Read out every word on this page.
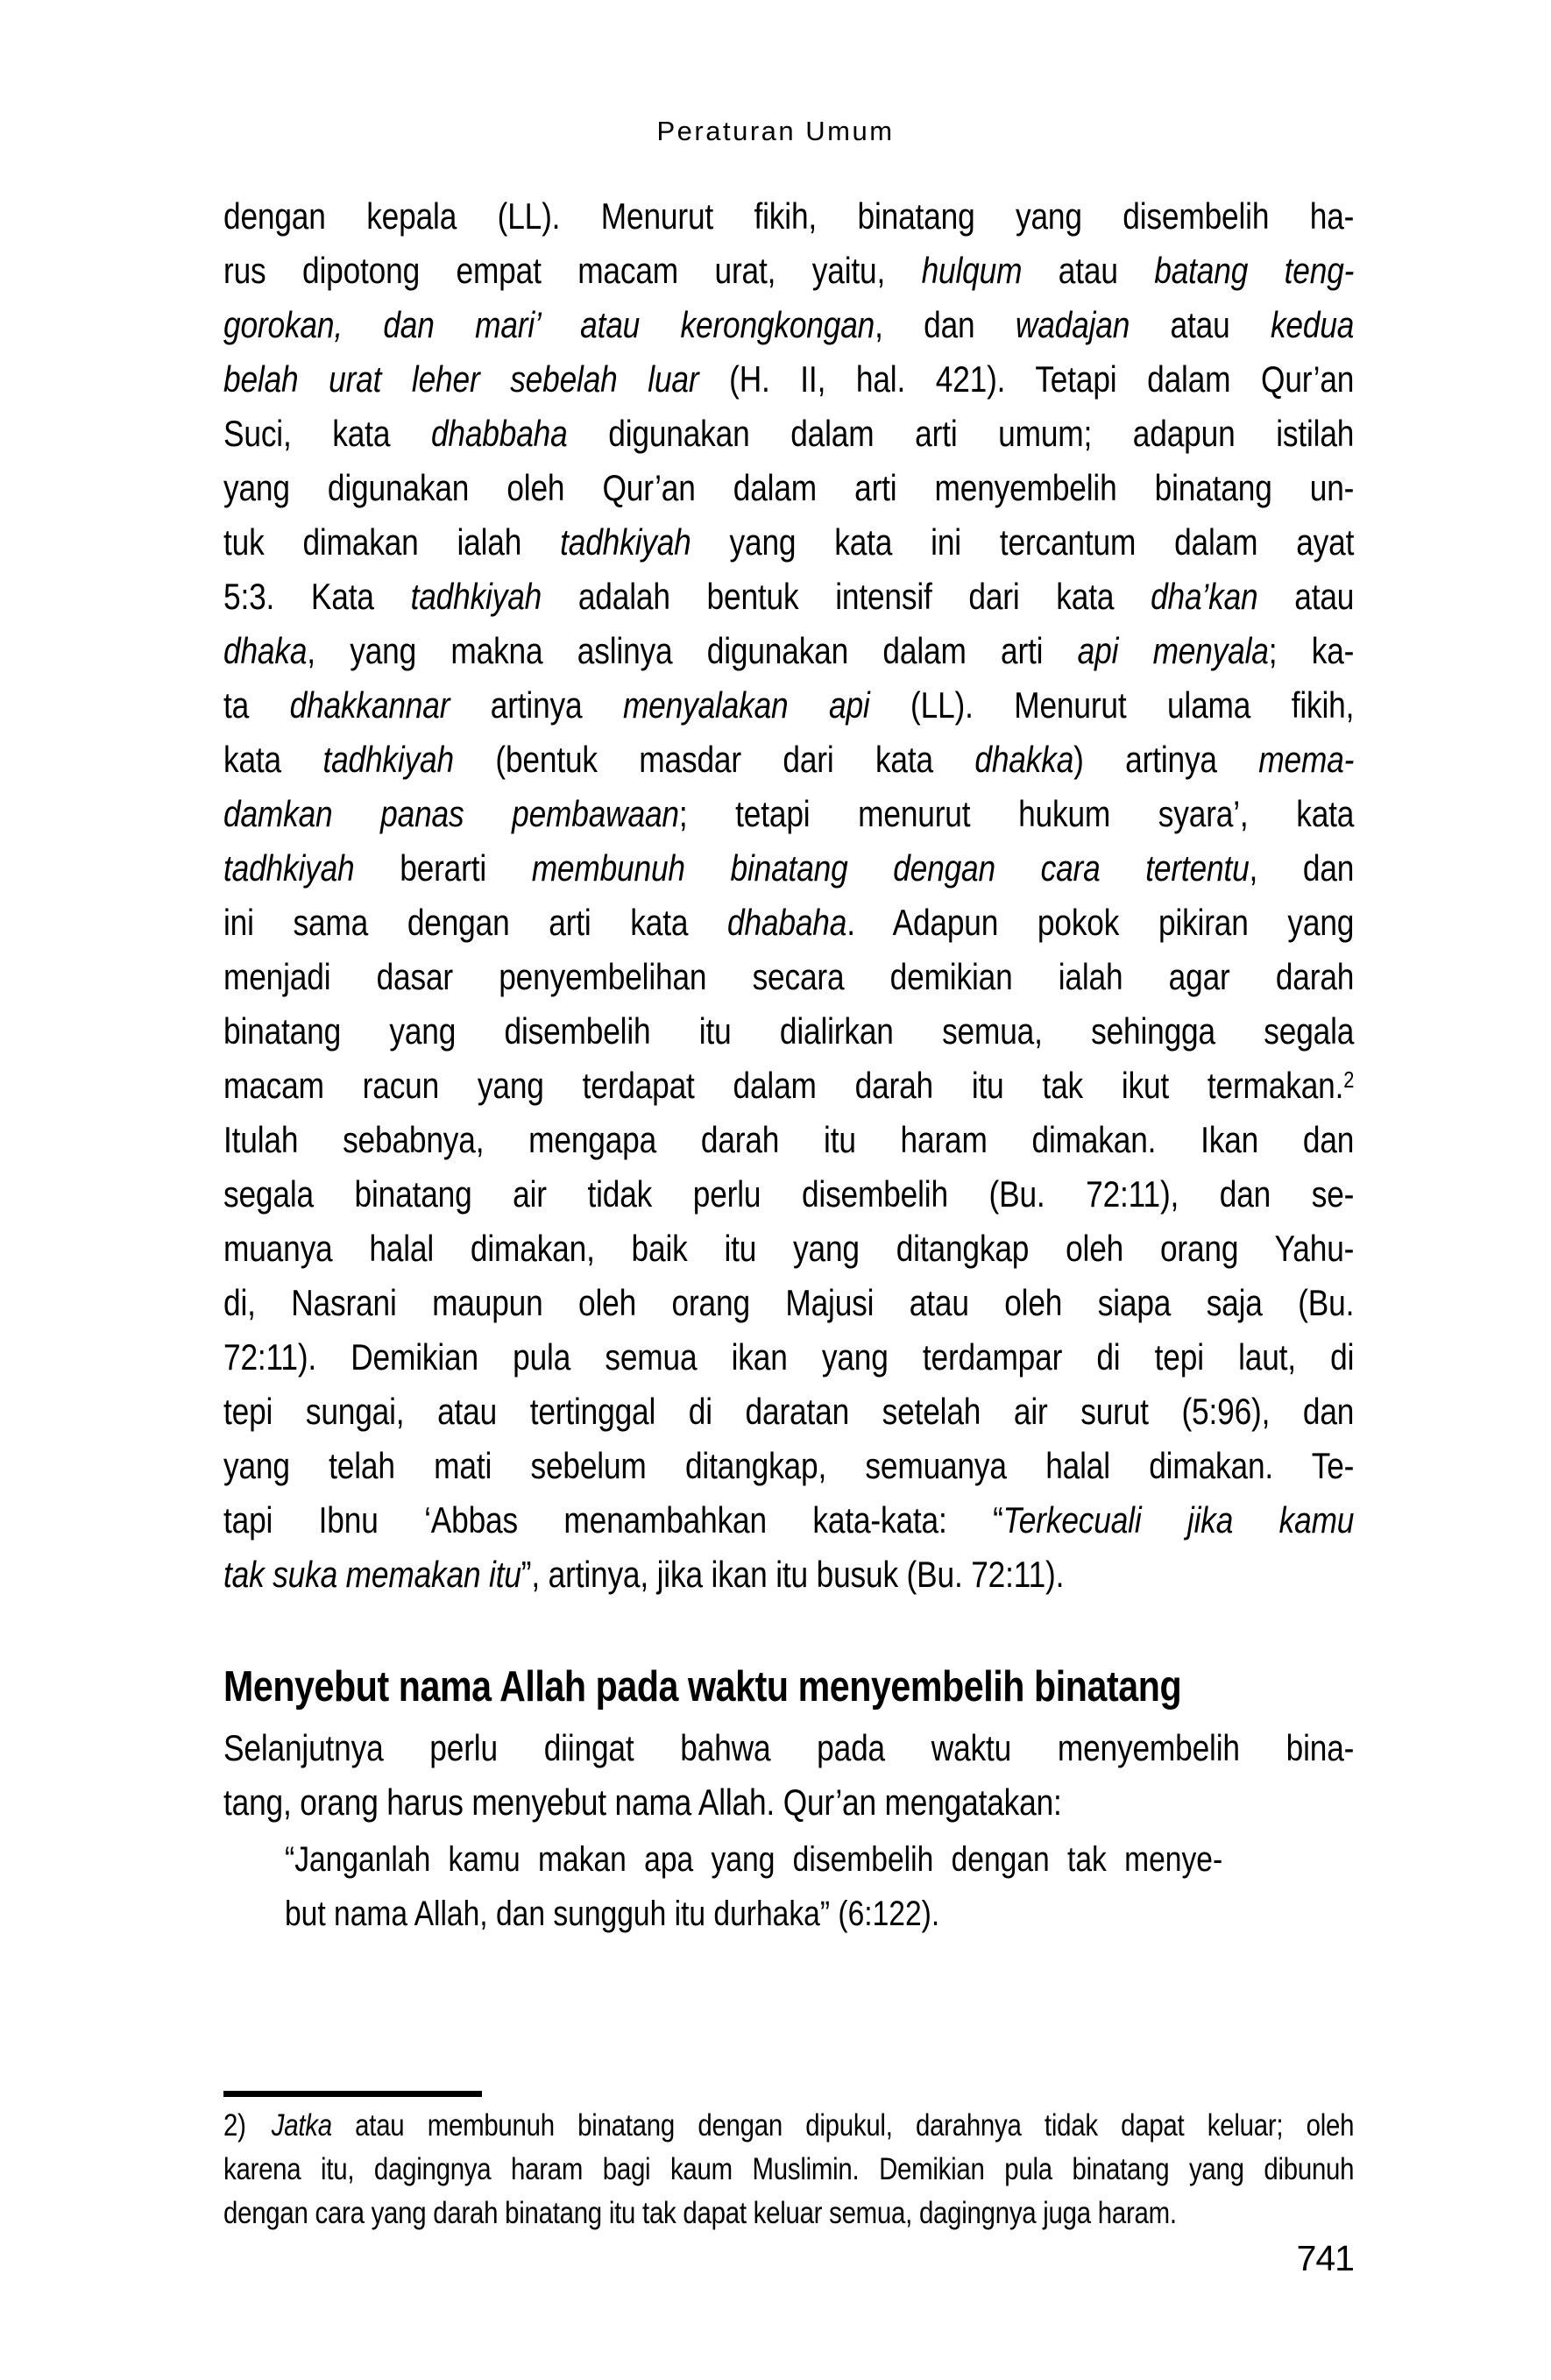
Peraturan Umum
dengan kepala (LL). Menurut fikih, binatang yang disembelih ha-
rus dipotong empat macam urat, yaitu, hulqum atau batang teng-
gorokan, dan mari’ atau kerongkongan, dan wadajan atau kedua
belah urat leher sebelah luar (H. II, hal. 421). Tetapi dalam Qur’an
Suci, kata dhabbaha digunakan dalam arti umum; adapun istilah
yang digunakan oleh Qur’an dalam arti menyembelih binatang un-
tuk dimakan ialah tadhkiyah yang kata ini tercantum dalam ayat
5:3. Kata tadhkiyah adalah bentuk intensif dari kata dha’kan atau
dhaka, yang makna aslinya digunakan dalam arti api menyala; ka-
ta dhakkannar artinya menyalakan api (LL). Menurut ulama fikih,
kata tadhkiyah (bentuk masdar dari kata dhakka) artinya mema-
damkan panas pembawaan; tetapi menurut hukum syara’, kata
tadhkiyah berarti membunuh binatang dengan cara tertentu, dan
ini sama dengan arti kata dhabaha. Adapun pokok pikiran yang
menjadi dasar penyembelihan secara demikian ialah agar darah
binatang yang disembelih itu dialirkan semua, sehingga segala
macam racun yang terdapat dalam darah itu tak ikut termakan.$^2$
Itulah sebabnya, mengapa darah itu haram dimakan. Ikan dan
segala binatang air tidak perlu disembelih (Bu. 72:11), dan se-
muanya halal dimakan, baik itu yang ditangkap oleh orang Yahu-
di, Nasrani maupun oleh orang Majusi atau oleh siapa saja (Bu.
72:11). Demikian pula semua ikan yang terdampar di tepi laut, di
tepi sungai, atau tertinggal di daratan setelah air surut (5:96), dan
yang telah mati sebelum ditangkap, semuanya halal dimakan. Te-
tapi Ibnu ‘Abbas menambahkan kata-kata: “Terkecuali jika kamu
tak suka memakan itu”, artinya, jika ikan itu busuk (Bu. 72:11).
Menyebut nama Allah pada waktu menyembelih binatang
Selanjutnya perlu diingat bahwa pada waktu menyembelih bina-
tang, orang harus menyebut nama Allah. Qur’an mengatakan:
“Janganlah kamu makan apa yang disembelih dengan tak menye-
but nama Allah, dan sungguh itu durhaka” (6:122).
2) Jatka atau membunuh binatang dengan dipukul, darahnya tidak dapat keluar; oleh
karena itu, dagingnya haram bagi kaum Muslimin. Demikian pula binatang yang dibunuh
dengan cara yang darah binatang itu tak dapat keluar semua, dagingnya juga haram.
741
